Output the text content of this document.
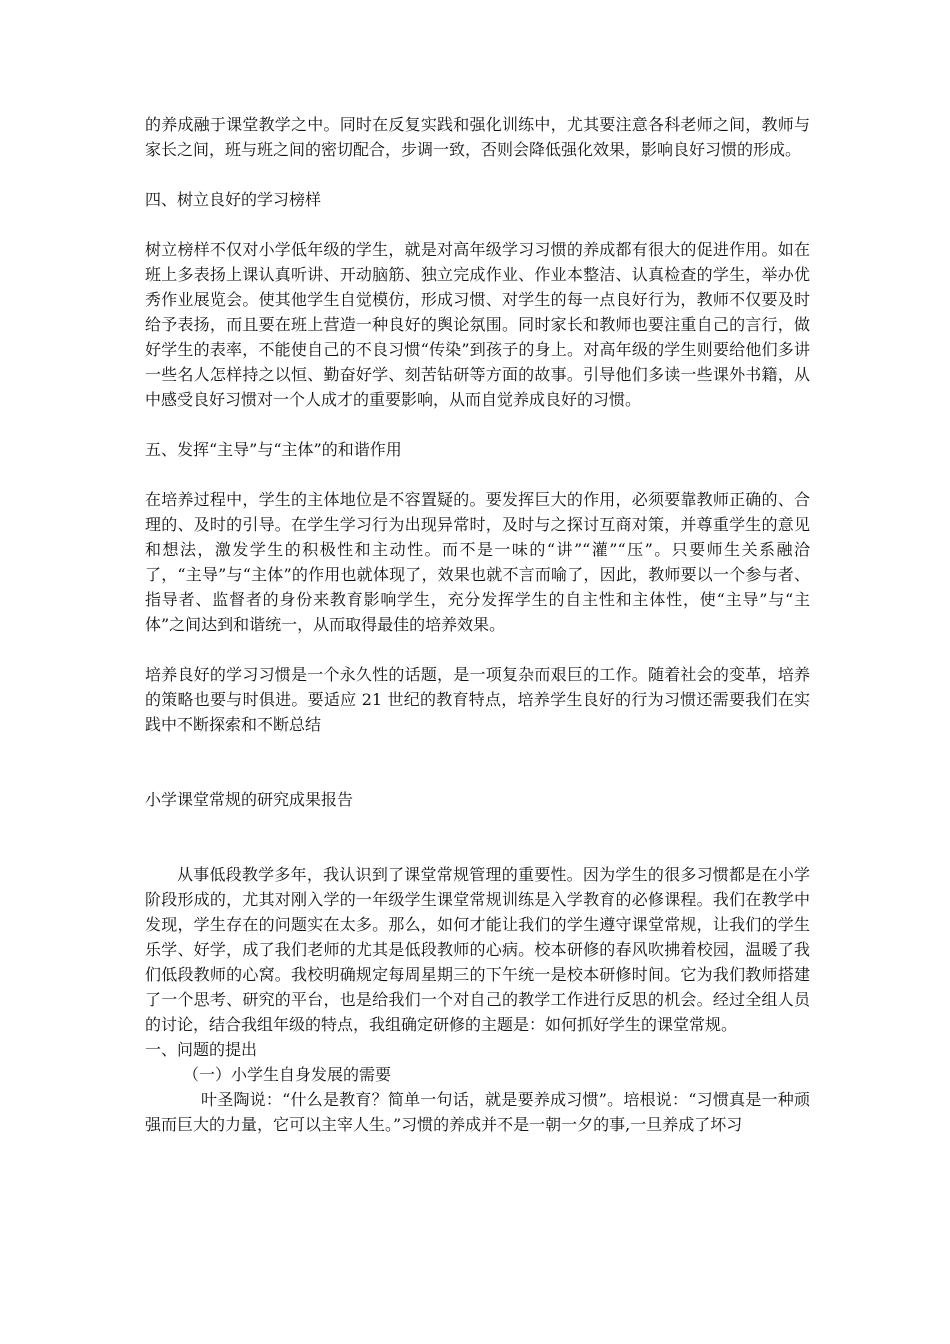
的养成融于课堂教学之中。同时在反复实践和强化训练中，尤其要注意各科老师之间，教师与家长之间，班与班之间的密切配合，步调一致，否则会降低强化效果，影响良好习惯的形成。

四、树立良好的学习榜样

树立榜样不仅对小学低年级的学生，就是对高年级学习习惯的养成都有很大的促进作用。如在班上多表扬上课认真听讲、开动脑筋、独立完成作业、作业本整洁、认真检查的学生，举办优秀作业展览会。使其他学生自觉模仿，形成习惯、对学生的每一点良好行为，教师不仅要及时给予表扬，而且要在班上营造一种良好的舆论氛围。同时家长和教师也要注重自己的言行，做好学生的表率，不能使自己的不良习惯“传染”到孩子的身上。对高年级的学生则要给他们多讲一些名人怎样持之以恒、勤奋好学、刻苦钻研等方面的故事。引导他们多读一些课外书籍，从中感受良好习惯对一个人成才的重要影响，从而自觉养成良好的习惯。

五、发挥“主导”与“主体”的和谐作用

在培养过程中，学生的主体地位是不容置疑的。要发挥巨大的作用，必须要靠教师正确的、合理的、及时的引导。在学生学习行为出现异常时，及时与之探讨互商对策，并尊重学生的意见和想法，激发学生的积极性和主动性。而不是一味的“讲”“灌”“压”。只要师生关系融洽了，“主导”与“主体”的作用也就体现了，效果也就不言而喻了，因此，教师要以一个参与者、指导者、监督者的身份来教育影响学生，充分发挥学生的自主性和主体性，使“主导”与“主体”之间达到和谐统一，从而取得最佳的培养效果。

培养良好的学习习惯是一个永久性的话题，是一项复杂而艰巨的工作。随着社会的变革，培养的策略也要与时俱进。要适应 21 世纪的教育特点，培养学生良好的行为习惯还需要我们在实践中不断探索和不断总结

小学课堂常规的研究成果报告

从事低段教学多年，我认识到了课堂常规管理的重要性。因为学生的很多习惯都是在小学阶段形成的，尤其对刚入学的一年级学生课堂常规训练是入学教育的必修课程。我们在教学中发现，学生存在的问题实在太多。那么，如何才能让我们的学生遵守课堂常规，让我们的学生乐学、好学，成了我们老师的尤其是低段教师的心病。校本研修的春风吹拂着校园，温暖了我们低段教师的心窝。我校明确规定每周星期三的下午统一是校本研修时间。它为我们教师搭建了一个思考、研究的平台，也是给我们一个对自己的教学工作进行反思的机会。经过全组人员的讨论，结合我组年级的特点，我组确定研修的主题是：如何抓好学生的课堂常规。

一、问题的提出

（一）小学生自身发展的需要

叶圣陶说：“什么是教育？简单一句话，就是要养成习惯”。培根说：“习惯真是一种顽强而巨大的力量，它可以主宰人生。”习惯的养成并不是一朝一夕的事,一旦养成了坏习
